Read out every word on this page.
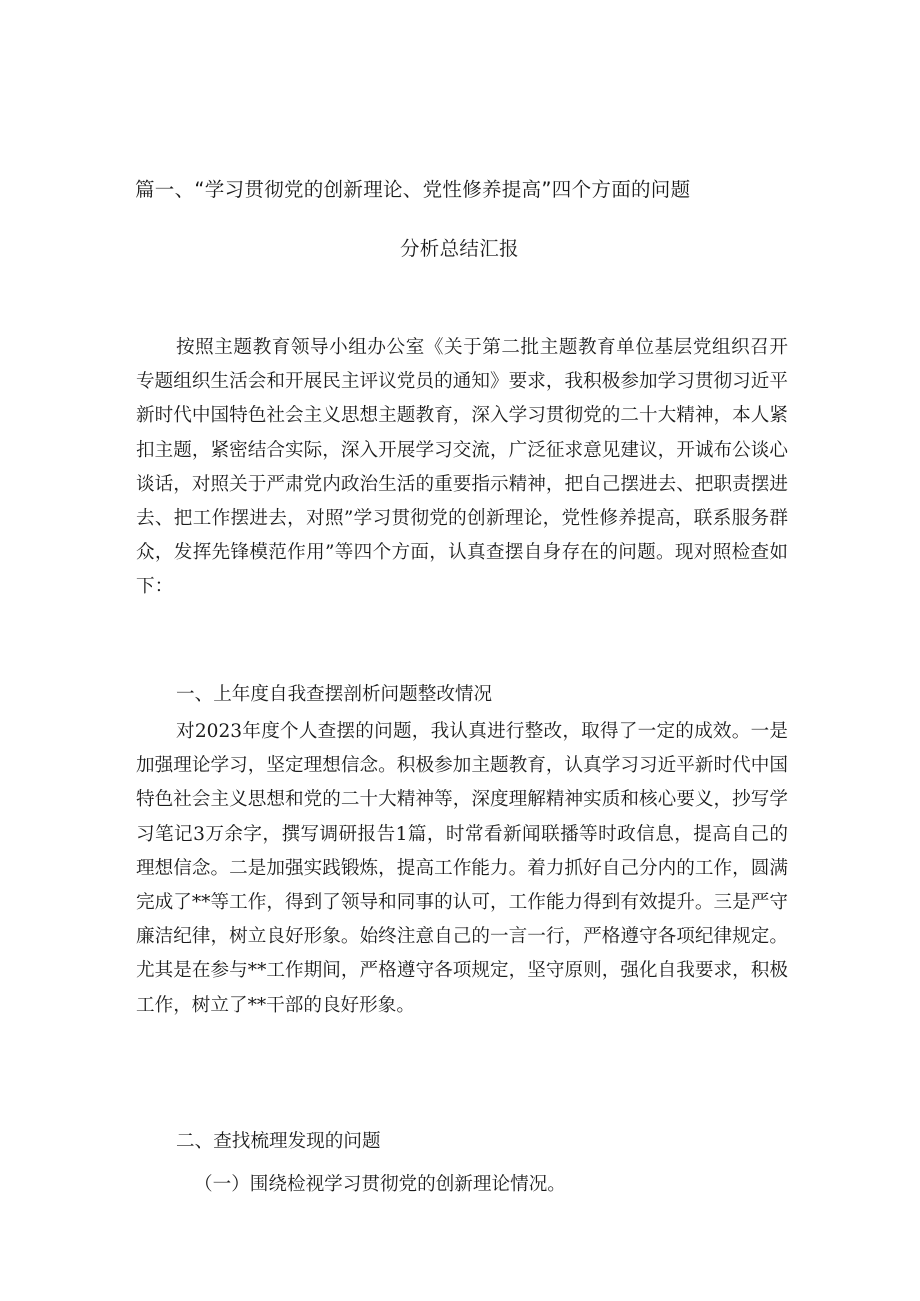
篇一、“学习贯彻党的创新理论、党性修养提高”四个方面的问题
分析总结汇报

按照主题教育领导小组办公室《关于第二批主题教育单位基层党组织召开专题组织生活会和开展民主评议党员的通知》要求，我积极参加学习贯彻习近平新时代中国特色社会主义思想主题教育，深入学习贯彻党的二十大精神，本人紧扣主题，紧密结合实际，深入开展学习交流，广泛征求意见建议，开诚布公谈心谈话，对照关于严肃党内政治生活的重要指示精神，把自己摆进去、把职责摆进去、把工作摆进去，对照”学习贯彻党的创新理论，党性修养提高，联系服务群众，发挥先锋模范作用”等四个方面，认真查摆自身存在的问题。现对照检查如下：

一、上年度自我查摆剖析问题整改情况

对2023年度个人查摆的问题，我认真进行整改，取得了一定的成效。一是加强理论学习，坚定理想信念。积极参加主题教育，认真学习习近平新时代中国特色社会主义思想和党的二十大精神等，深度理解精神实质和核心要义，抄写学习笔记3万余字，撰写调研报告1篇，时常看新闻联播等时政信息，提高自己的理想信念。二是加强实践锻炼，提高工作能力。着力抓好自己分内的工作，圆满完成了**等工作，得到了领导和同事的认可，工作能力得到有效提升。三是严守廉洁纪律，树立良好形象。始终注意自己的一言一行，严格遵守各项纪律规定。尤其是在参与**工作期间，严格遵守各项规定，坚守原则，强化自我要求，积极工作，树立了**干部的良好形象。

二、查找梳理发现的问题

（一）围绕检视学习贯彻党的创新理论情况。
